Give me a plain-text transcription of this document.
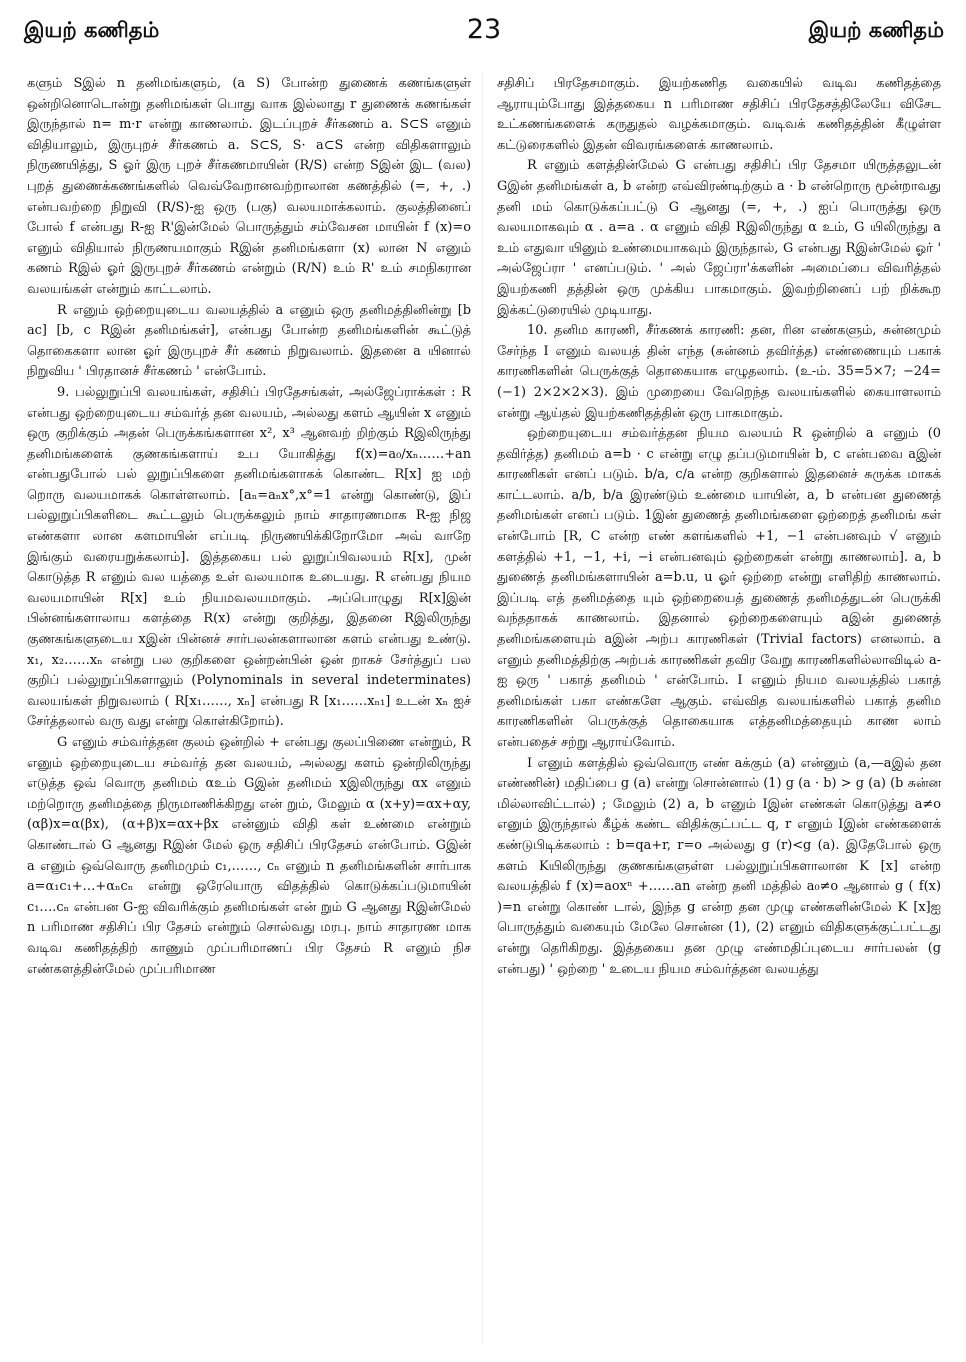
இயற் கணிதம்	23	இயற் கணிதம்

களும் Sஇல் n தனிமங்களும், (a S) போன்ற துணைக் கணங்களுள் ஒன்றினொடொன்று தனிமங்கள் பொது வாக இல்லாது r துணைக் கணங்கள் இருந்தால் n= m·r என்று காணலாம். இடப்புறச் சீர்கணம் a. S⊂S எனும் விதியாலும், இருபுறச் சீர்கணம் a. S⊂S, S· a⊂S என்ற விதிகளாலும் நிருணயித்து, S ஓர் இரு புறச் சீர்கணமாயின் (R/S) என்ற Sஇன் இட (வல) புறத் துணைக்கணங்களில் வெவ்வேறானவற்றாலான கணத்தில் (=, +, .) என்பவற்றை நிறுவி (R/S)-ஐ ஒரு (பகு) வலயமாக்கலாம். குலத்தினைப் போல் f என்பது R-ஐ R'இன்மேல் பொருத்தும் சம்வேசன மாயின் f (x)=o எனும் விதியால் நிருணயமாகும் Rஇன் தனிமங்களா (x) லான N எனும் கணம் Rஇல் ஓர் இருபுறச் சீர்கணம் என்றும் (R/N) உம் R' உம் சமநிகரான வலயங்கள் என்றும் காட்டலாம்.

R எனும் ஒற்றையுடைய வலயத்தில் a எனும் ஒரு தனிமத்தினின்று [b ac] [b, c Rஇன் தனிமங்கள்], என்பது போன்ற தனிமங்களின் கூட்டுத் தொகைகளா லான ஓர் இருபுறச் சீர் கணம் நிறுவலாம். இதனை a யினால் நிறுவிய ' பிரதானச் சீர்கணம் ' என்போம்.

9. பல்லுறுப்பி வலயங்கள், சதிசிப் பிரதேசங்கள், அல்ஜேப்ராக்கள் : R என்பது ஒற்றையுடைய சம்வர்த் தன வலயம், அல்லது களம் ஆயின் x எனும் ஒரு குறிக்கும் அதன் பெருக்கங்களான x², x³ ஆனவற் றிற்கும் Rஇலிருந்து தனிமங்களைக் குணகங்களாய் உப யோகித்து f(x)=a₀/xₙ……+an என்பதுபோல் பல் லுறுப்பிகளை தனிமங்களாகக் கொண்ட R[x] ஐ மற் றொரு வலயமாகக் கொள்ளலாம். [aₙ=aₙx°,x°=1 என்று கொண்டு, இப் பல்லுறுப்பிகளிடை கூட்டலும் பெருக்கலும் நாம் சாதாரணமாக R-ஐ நிஜ எண்களா லான களமாயின் எப்படி நிருணயிக்கிறோமோ அவ் வாறே இங்கும் வரையறுக்கலாம்]. இத்தகைய பல் லுறுப்பிவலயம் R[x], முன் கொடுத்த R எனும் வல யத்தை உள் வலயமாக உடையது. R என்பது நியம வலயமாயின் R[x] உம் நியமவலயமாகும். அப்பொழுது R[x]இன் பின்னங்களாலாய களத்தை R(x) என்று குறித்து, இதனை Rஇலிருந்து குணகங்களுடைய xஇன் பின்னச் சார்பலன்களாலான களம் என்பது உண்டு. x₁, x₂……xₙ என்று பல குறிகளை ஒன்றன்பின் ஒன் றாகச் சேர்த்துப் பல குறிப் பல்லுறுப்பிகளாலும் (Polynominals in several indeterminates) வலயங்கள் நிறுவலாம் ( R[x₁……, xₙ] என்பது R [x₁……xₙ₁] உடன் xₙ ஐச் சேர்த்தலால் வரு வது என்று கொள்கிறோம்).

G எனும் சம்வர்த்தன குலம் ஒன்றில் + என்பது குலப்பிணை என்றும், R எனும் ஒற்றையுடைய சம்வர்த் தன வலயம், அல்லது களம் ஒன்றிலிருந்து எடுத்த ஒவ் வொரு தனிமம் αஉம் Gஇன் தனிமம் xஇலிருந்து αx எனும் மற்றொரு தனிமத்தை நிருமாணிக்கிறது என் றும், மேலும் α (x+y)=αx+αy, (αβ)x=α(βx), (α+β)x=αx+βx என்னும் விதி கள் உண்மை என்றும் கொண்டால் G ஆனது Rஇன் மேல் ஒரு சதிசிப் பிரதேசம் என்போம். Gஇன் a எனும் ஒவ்வொரு தனிமமும் c₁,……, cₙ எனும் n தனிமங்களின் சார்பாக a=α₁c₁+…+αₙcₙ என்று ஒரேயொரு விதத்தில் கொடுக்கப்படுமாயின் c₁….cₙ என்பன G-ஐ விவரிக்கும் தனிமங்கள் என் றும் G ஆனது Rஇன்மேல் n பரிமாண சதிசிப் பிர தேசம் என்றும் சொல்வது மரபு. நாம் சாதாரண மாக வடிவ கணிதத்திற் காணும் முப்பரிமாணப் பிர தேசம் R எனும் நிச எண்களத்தின்மேல் முப்பரிமாண

சதிசிப் பிரதேசமாகும். இயற்கணித வகையில் வடிவ கணிதத்தை ஆராயும்போது இத்தகைய n பரிமாண சதிசிப் பிரதேசத்திலேயே விசேட உட்கணங்களைக் கருதுதல் வழக்கமாகும். வடிவக் கணிதத்தின் கீழுள்ள கட்டுரைகளில் இதன் விவரங்களைக் காணலாம்.

R எனும் களத்தின்மேல் G என்பது சதிசிப் பிர தேசமா யிருத்தலுடன் Gஇன் தனிமங்கள் a, b என்ற எவ்விரண்டிற்கும் a · b என்றொரு மூன்றாவது தனி மம் கொடுக்கப்பட்டு G ஆனது (=, +, .) ஐப் பொருத்து ஒரு வலயமாகவும் α . a=a . α எனும் விதி Rஇலிருந்து α உம், G யிலிருந்து a உம் எதுவா யினும் உண்மையாகவும் இருந்தால், G என்பது Rஇன்மேல் ஓர் ' அல்ஜேப்ரா ' எனப்படும். ' அல் ஜேப்ரா'க்களின் அமைப்பை விவரித்தல் இயற்கணி தத்தின் ஒரு முக்கிய பாகமாகும். இவற்றினைப் பற் றிக்கூற இக்கட்டுரையில் முடியாது.

10. தனிம காரணி, சீர்கணக் காரணி: தன, ரின எண்களும், சுன்னமும் சேர்ந்த I எனும் வலயத் தின் எந்த (சுன்னம் தவிர்த்த) எண்ணையும் பகாக் காரணிகளின் பெருக்குத் தொகையாக எழுதலாம். (உ-ம். 35=5×7; −24=(−1) 2×2×2×3). இம் முறையை வேறெந்த வலயங்களில் கையாளலாம் என்று ஆய்தல் இயற்கணிதத்தின் ஒரு பாகமாகும்.

ஒற்றையுடைய சம்வர்த்தன நியம வலயம் R ஒன்றில் a எனும் (0 தவிர்த்த) தனிமம் a=b · c என்று எழு தப்படுமாயின் b, c என்பவை aஇன் காரணிகள் எனப் படும். b/a, c/a என்ற குறிகளால் இதனைச் சுருக்க மாகக் காட்டலாம். a/b, b/a இரண்டும் உண்மை யாயின், a, b என்பன துணைத் தனிமங்கள் எனப் படும். 1இன் துணைத் தனிமங்களை ஒற்றைத் தனிமங் கள் என்போம் [R, C என்ற எண் களங்களில் +1, −1 என்பனவும் √ எனும் களத்தில் +1, −1, +i, −i என்பனவும் ஒற்றைகள் என்று காணலாம்]. a, b துணைத் தனிமங்களாயின் a=b.u, u ஓர் ஒற்றை என்று எளிதிற் காணலாம். இப்படி எத் தனிமத்தை யும் ஒற்றையைத் துணைத் தனிமத்துடன் பெருக்கி வந்ததாகக் காணலாம். இதனால் ஒற்றைகளையும் aஇன் துணைத் தனிமங்களையும் aஇன் அற்ப காரணிகள் (Trivial factors) எனலாம். a எனும் தனிமத்திற்கு அற்பக் காரணிகள் தவிர வேறு காரணிகளில்லாவிடில் a-ஐ ஒரு ' பகாத் தனிமம் ' என்போம். I எனும் நியம வலயத்தில் பகாத் தனிமங்கள் பகா எண்களே ஆகும். எவ்வித வலயங்களில் பகாத் தனிம காரணிகளின் பெருக்குத் தொகையாக எத்தனிமத்தையும் காண லாம் என்பதைச் சற்று ஆராய்வோம்.

I எனும் களத்தில் ஒவ்வொரு எண் aக்கும் (a) என்னும் (a,—aஇல் தன எண்ணின்) மதிப்பை g (a) என்று சொன்னால் (1) g (a · b) > g (a) (b சுன்ன மில்லாவிட்டால்) ; மேலும் (2) a, b எனும் Iஇன் எண்கள் கொடுத்து a≠o எனும் இருந்தால் கீழ்க் கண்ட விதிக்குட்பட்ட q, r எனும் Iஇன் எண்களைக் கண்டுபிடிக்கலாம் : b=qa+r, r=o அல்லது g (r)<g (a). இதேபோல் ஒரு களம் Kயிலிருந்து குணகங்களுள்ள பல்லுறுப்பிகளாலான K [x] என்ற வலயத்தில் f (x)=aoxⁿ +……an என்ற தனி மத்தில் a₀≠o ஆனால் g ( f(x) )=n என்று கொண் டால், இந்த g என்ற தன முழு எண்களின்மேல் K [x]ஐ பொருத்தும் வகையும் மேலே சொன்ன (1), (2) எனும் விதிகளுக்குட்பட்டது என்று தெரிகிறது. இத்தகைய தன முழு எண்மதிப்புடைய சார்பலன் (g என்பது) ' ஒற்றை ' உடைய நியம சம்வர்த்தன வலயத்து
